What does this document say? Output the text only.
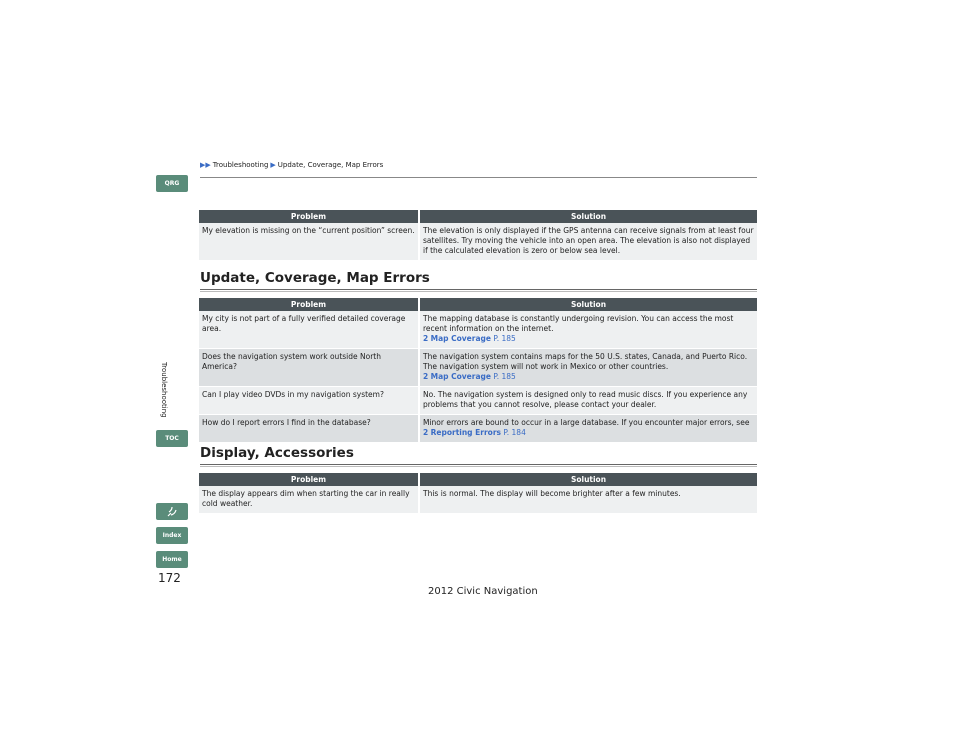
▶▶ Troubleshooting ▶ Update, Coverage, Map Errors
QRG
TOC
Index
Home
Troubleshooting
Problem	Solution
My elevation is missing on the “current position” screen.	The elevation is only displayed if the GPS antenna can receive signals from at least four satellites. Try moving the vehicle into an open area. The elevation is also not displayed if the calculated elevation is zero or below sea level.
Update, Coverage, Map Errors
Problem	Solution
My city is not part of a fully verified detailed coverage area.	The mapping database is constantly undergoing revision. You can access the most recent information on the internet.
2 Map Coverage P. 185
Does the navigation system work outside North America?	The navigation system contains maps for the 50 U.S. states, Canada, and Puerto Rico. The navigation system will not work in Mexico or other countries.
2 Map Coverage P. 185
Can I play video DVDs in my navigation system?	No. The navigation system is designed only to read music discs. If you experience any problems that you cannot resolve, please contact your dealer.
How do I report errors I find in the database?	Minor errors are bound to occur in a large database. If you encounter major errors, see
2 Reporting Errors P. 184
Display, Accessories
Problem	Solution
The display appears dim when starting the car in really cold weather.	This is normal. The display will become brighter after a few minutes.
172
2012 Civic Navigation
